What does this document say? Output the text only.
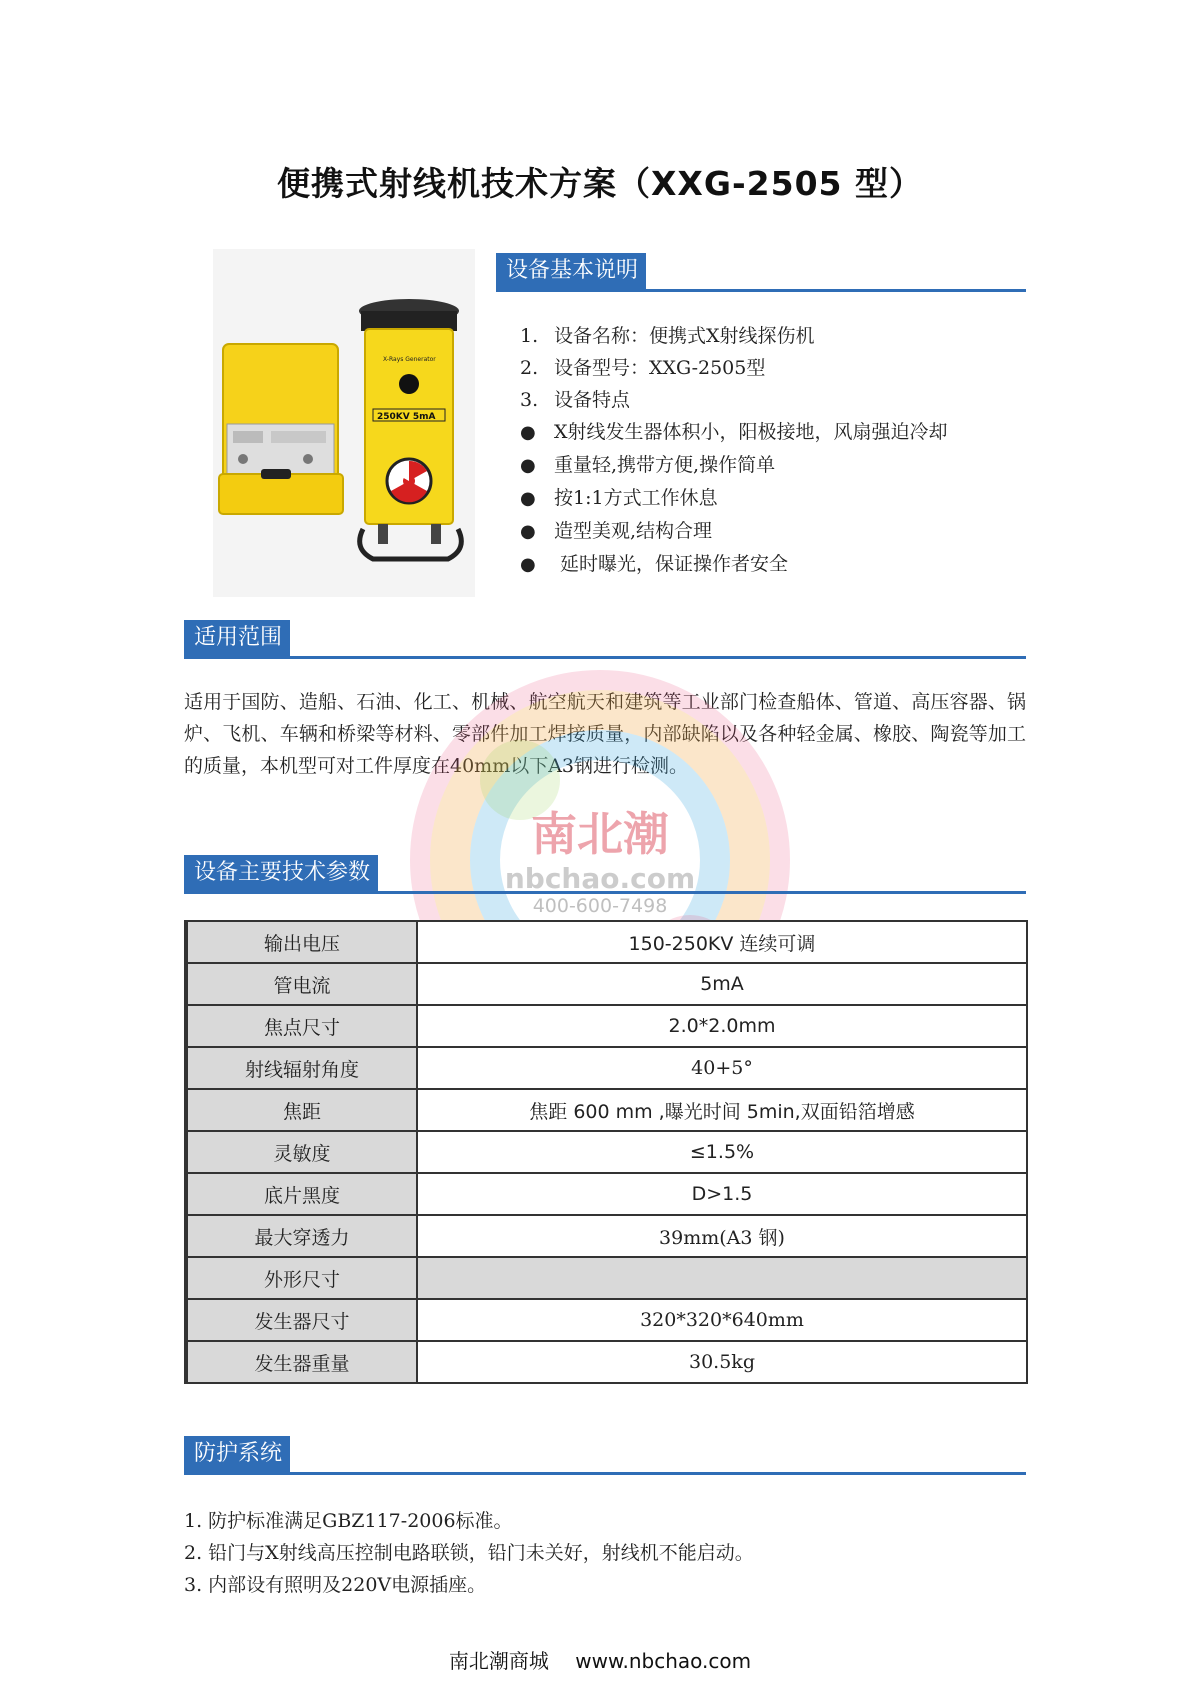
便携式射线机技术方案（XXG-2505 型）
250KV 5mA
X-Rays Generator
设备基本说明
1. 设备名称：便携式X射线探伤机
2. 设备型号：XXG-2505型
3. 设备特点
● X射线发生器体积小，阳极接地，风扇强迫冷却
● 重量轻,携带方便,操作简单
● 按1:1方式工作休息
● 造型美观,结构合理
● 延时曝光，保证操作者安全
适用范围
适用于国防、造船、石油、化工、机械、航空航天和建筑等工业部门检查船体、管道、高压容器、锅炉、飞机、车辆和桥梁等材料、零部件加工焊接质量，内部缺陷以及各种轻金属、橡胶、陶瓷等加工的质量，本机型可对工件厚度在40mm以下A3钢进行检测。
南北潮
nbchao.com
400-600-7498
设备主要技术参数
输出电压	150-250KV 连续可调
管电流	5mA
焦点尺寸	2.0*2.0mm
射线辐射角度	40+5°
焦距	焦距 600 mm ,曝光时间 5min,双面铅箔增感
灵敏度	≤1.5%
底片黑度	D>1.5
最大穿透力	39mm(A3 钢)
外形尺寸	
发生器尺寸	320*320*640mm
发生器重量	30.5kg
防护系统
1. 防护标准满足GBZ117-2006标准。
2. 铅门与X射线高压控制电路联锁，铅门未关好，射线机不能启动。
3. 内部设有照明及220V电源插座。
南北潮商城 www.nbchao.com
